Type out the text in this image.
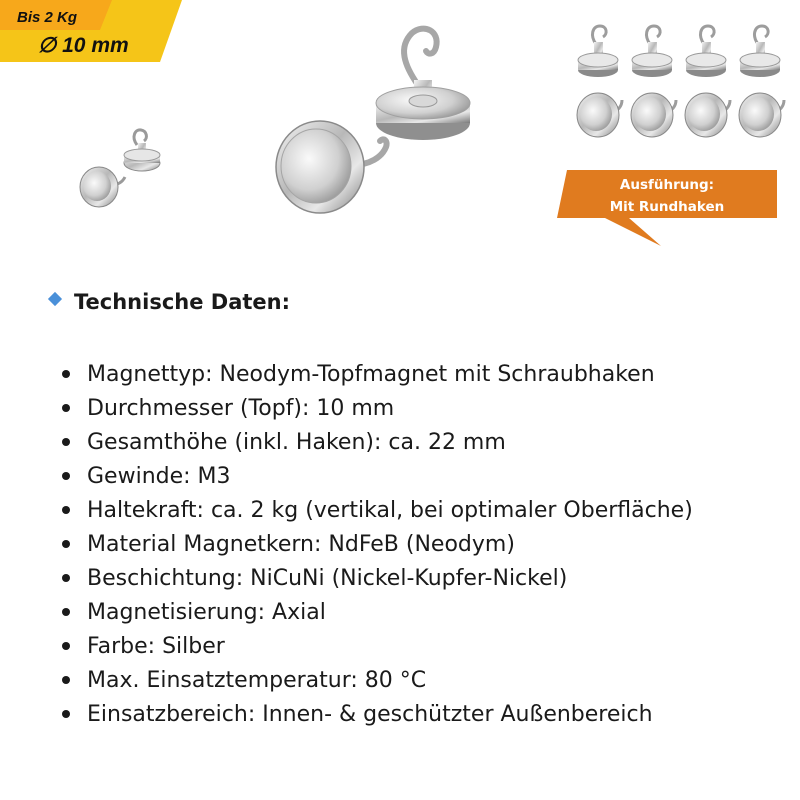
Bis 2 Kg
∅ 10 mm
Ausführung:
Mit Rundhaken
Technische Daten:
Magnettyp: Neodym-Topfmagnet mit Schraubhaken
Durchmesser (Topf): 10 mm
Gesamthöhe (inkl. Haken): ca. 22 mm
Gewinde: M3
Haltekraft: ca. 2 kg (vertikal, bei optimaler Oberfläche)
Material Magnetkern: NdFeB (Neodym)
Beschichtung: NiCuNi (Nickel-Kupfer-Nickel)
Magnetisierung: Axial
Farbe: Silber
Max. Einsatztemperatur: 80 °C
Einsatzbereich: Innen- & geschützter Außenbereich
